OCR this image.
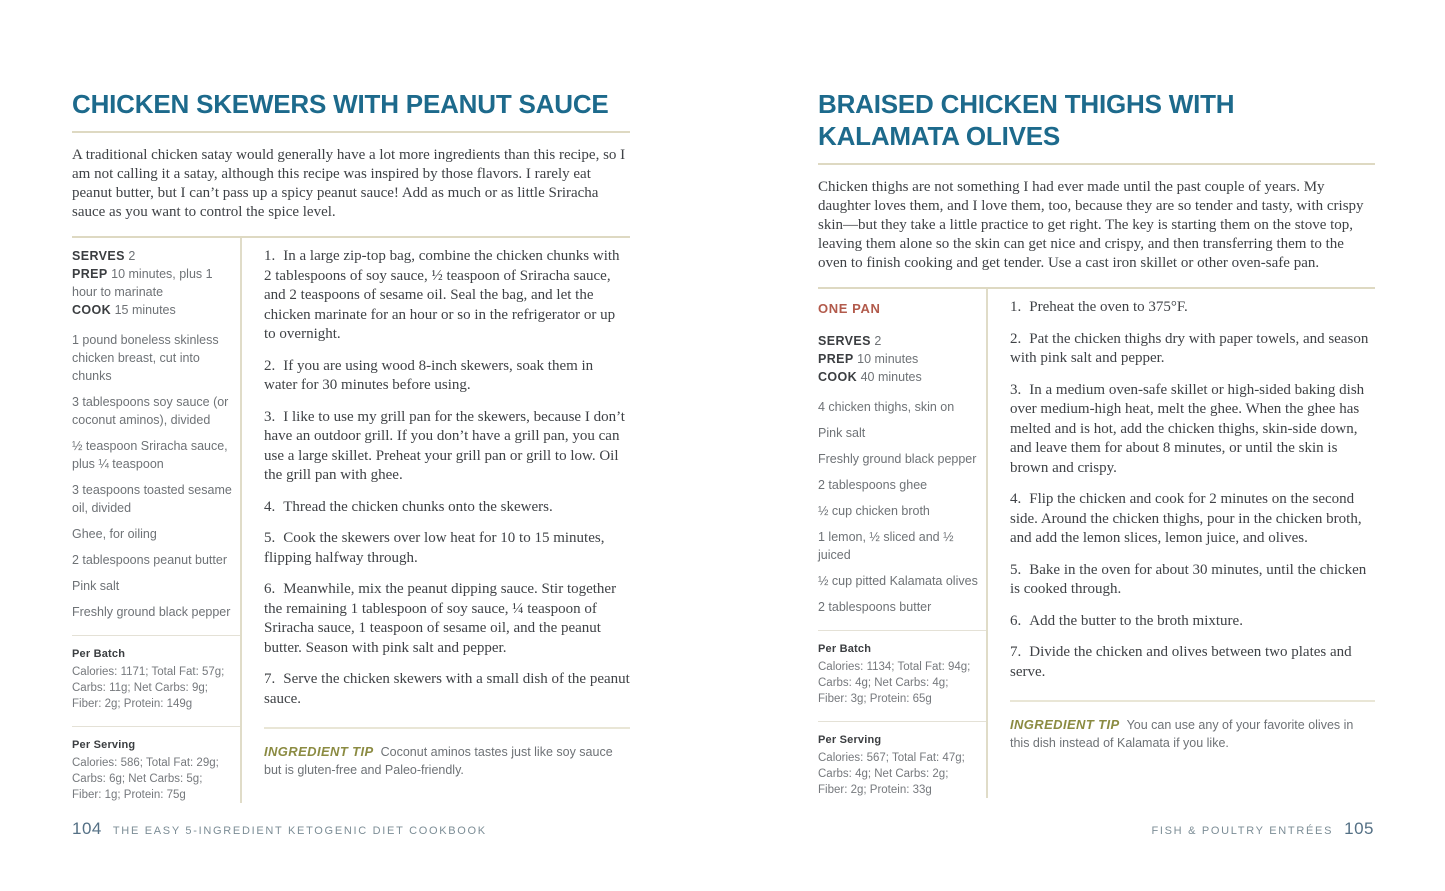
CHICKEN SKEWERS WITH PEANUT SAUCE

A traditional chicken satay would generally have a lot more ingredients than this recipe, so I am not calling it a satay, although this recipe was inspired by those flavors. I rarely eat peanut butter, but I can’t pass up a spicy peanut sauce! Add as much or as little Sriracha sauce as you want to control the spice level.

SERVES 2
PREP 10 minutes, plus 1 hour to marinate
COOK 15 minutes
1 pound boneless skinless chicken breast, cut into chunks
3 tablespoons soy sauce (or coconut aminos), divided
½ teaspoon Sriracha sauce, plus ¼ teaspoon
3 teaspoons toasted sesame oil, divided
Ghee, for oiling
2 tablespoons peanut butter
Pink salt
Freshly ground black pepper
Per Batch
Calories: 1171; Total Fat: 57g;
Carbs: 11g; Net Carbs: 9g;
Fiber: 2g; Protein: 149g
Per Serving
Calories: 586; Total Fat: 29g;
Carbs: 6g; Net Carbs: 5g;
Fiber: 1g; Protein: 75g

1. In a large zip-top bag, combine the chicken chunks with 2 tablespoons of soy sauce, ½ teaspoon of Sriracha sauce, and 2 teaspoons of sesame oil. Seal the bag, and let the chicken marinate for an hour or so in the refrigerator or up to overnight.

2. If you are using wood 8-inch skewers, soak them in water for 30 minutes before using.

3. I like to use my grill pan for the skewers, because I don’t have an outdoor grill. If you don’t have a grill pan, you can use a large skillet. Preheat your grill pan or grill to low. Oil the grill pan with ghee.

4. Thread the chicken chunks onto the skewers.

5. Cook the skewers over low heat for 10 to 15 minutes, flipping halfway through.

6. Meanwhile, mix the peanut dipping sauce. Stir together the remaining 1 tablespoon of soy sauce, ¼ teaspoon of Sriracha sauce, 1 teaspoon of sesame oil, and the peanut butter. Season with pink salt and pepper.

7. Serve the chicken skewers with a small dish of the peanut sauce.

INGREDIENT TIP Coconut aminos tastes just like soy sauce but is gluten-free and Paleo-friendly.

BRAISED CHICKEN THIGHS WITH KALAMATA OLIVES

Chicken thighs are not something I had ever made until the past couple of years. My daughter loves them, and I love them, too, because they are so tender and tasty, with crispy skin—but they take a little practice to get right. The key is starting them on the stove top, leaving them alone so the skin can get nice and crispy, and then transferring them to the oven to finish cooking and get tender. Use a cast iron skillet or other oven-safe pan.

ONE PAN
SERVES 2
PREP 10 minutes
COOK 40 minutes
4 chicken thighs, skin on
Pink salt
Freshly ground black pepper
2 tablespoons ghee
½ cup chicken broth
1 lemon, ½ sliced and ½ juiced
½ cup pitted Kalamata olives
2 tablespoons butter
Per Batch
Calories: 1134; Total Fat: 94g;
Carbs: 4g; Net Carbs: 4g;
Fiber: 3g; Protein: 65g
Per Serving
Calories: 567; Total Fat: 47g;
Carbs: 4g; Net Carbs: 2g;
Fiber: 2g; Protein: 33g

1. Preheat the oven to 375°F.

2. Pat the chicken thighs dry with paper towels, and season with pink salt and pepper.

3. In a medium oven-safe skillet or high-sided baking dish over medium-high heat, melt the ghee. When the ghee has melted and is hot, add the chicken thighs, skin-side down, and leave them for about 8 minutes, or until the skin is brown and crispy.

4. Flip the chicken and cook for 2 minutes on the second side. Around the chicken thighs, pour in the chicken broth, and add the lemon slices, lemon juice, and olives.

5. Bake in the oven for about 30 minutes, until the chicken is cooked through.

6. Add the butter to the broth mixture.

7. Divide the chicken and olives between two plates and serve.

INGREDIENT TIP You can use any of your favorite olives in this dish instead of Kalamata if you like.

104 THE EASY 5-INGREDIENT KETOGENIC DIET COOKBOOK	FISH & POULTRY ENTRÉES 105
